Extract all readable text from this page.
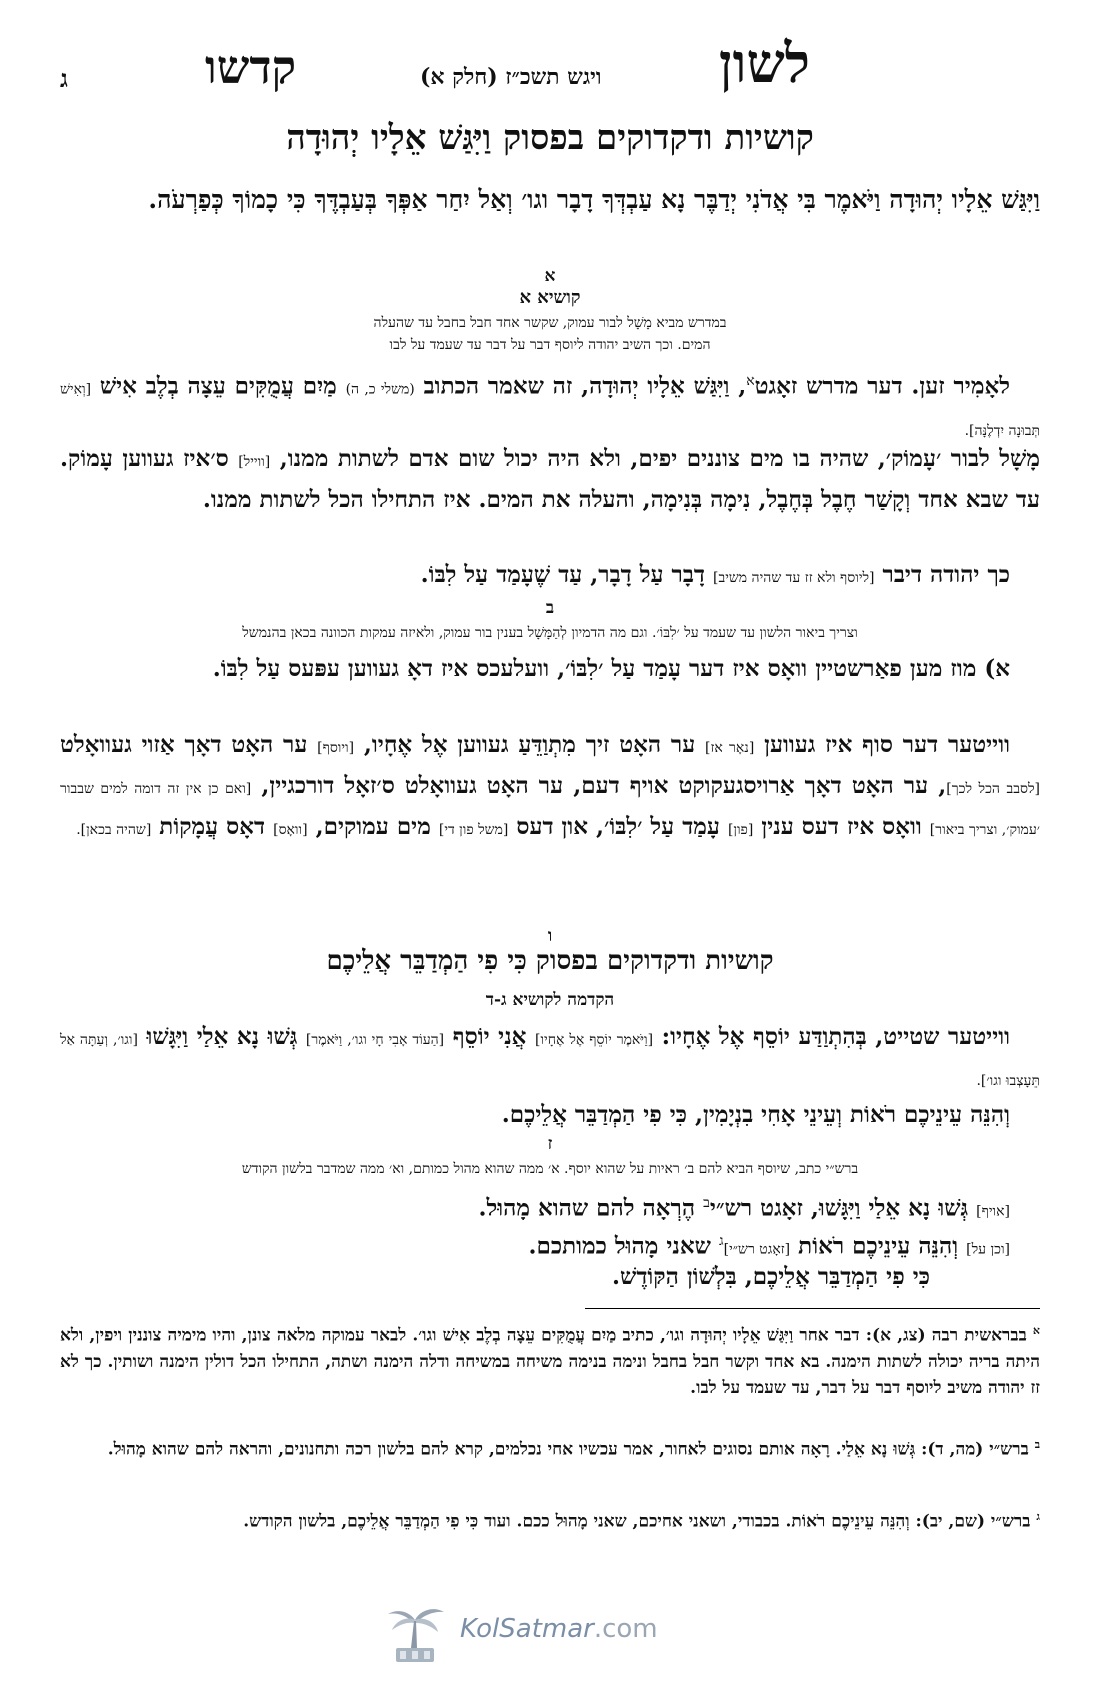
לשון
ויגש תשכ״ז (חלק א)
קדשו
ג
קושיות ודקדוקים בפסוק וַיִּגַּשׁ אֵלָיו יְהוּדָה
וַיִּגַּשׁ אֵלָיו יְהוּדָה וַיֹּאמֶר בִּי אֲדֹנִי יְדַבֶּר נָא עַבְדְּךָ דָבָר וגו׳ וְאַל יִחַר אַפְּךָ בְּעַבְדֶּךָ כִּי כָמוֹךָ כְּפַרְעֹה.
א
קושיא א
במדרש מביא מָשָׁל לבור עמוק, שקשר אחד חבל בחבל עד שהעלה
המים. וכך השיב יהודה ליוסף דבר על דבר עד שעמד על לבו
לאָמִיר זען. דער מדרש זאָגט$^א$, וַיִּגַּשׁ אֵלָיו יְהוּדָה, זה שאמר הכתוב (משלי כ, ה) מַיִם עֲמֻקִּים עֵצָה בְלֶב אִישׁ [וְאִישׁ תְּבוּנָה יִדְלֶנָּה].
מָשָׁל לבור ׳עָמוֹק׳, שהיה בו מים צוננים יפים, ולא היה יכול שום אדם לשתות ממנו, [ווייל] ס׳איז געווען עָמוֹק. עד שבא אחד וְקָשַׁר חֶבֶל בְּחֶבֶל, נִימָה בְּנִימָה, והעלה את המים. איז התחילו הכל לשתות ממנו.
כך יהודה דיבר [ליוסף ולא זז עד שהיה משיב] דָבָר עַל דָבָר, עַד שֶׁעָמַד עַל לִבּוֹ.
ב
וצריך ביאור הלשון עד שעמד על ׳לִבּוֹ׳. וגם מה הדמיון לְהַמָּשָׁל בענין בור עמוק, ולאיזה עמקות הכוונה בכאן בהנמשל
א) מוז מען פאַרשטיין וואָס איז דער עָמַד עַל ׳לִבּוֹ׳, וועלעכס איז דאָ געווען עפּעס עַל לִבּוֹ.
ווייטער דער סוף איז געווען [נאָר אז] ער האָט זיך מִתְוַדֵּעַ געווען אֶל אֶחָיו, [ויוסף] ער האָט דאָך אַזוי געוואָלט [לסבב הכל לכך], ער האָט דאָך אַרויסגעקוקט אויף דעם, ער האָט געוואָלט ס׳זאָל דורכגיין, [ואם כן אין זה דומה למים שבבור ׳עמוק׳, וצריך ביאור] וואָס איז דעס ענין [פון] עָמַד עַל ׳לִבּוֹ׳, און דעס [משל פון די] מים עמוקים, [וואָס] דאָס עֲמָקוֹת [שהיה בכאן].
ו
קושיות ודקדוקים בפסוק כִּי פִי הַמְדַבֵּר אֲלֵיכֶם
הקדמה לקושיא ג-ד
ווייטער שטייט, בְּהִתְוַדַּע יוֹסֵף אֶל אֶחָיו: [וַיֹּאמֶר יוֹסֵף אֶל אֶחָיו] אֲנִי יוֹסֵף [הַעוֹד אָבִי חָי וגו׳, וַיֹּאמֶר] גְּשׁוּ נָא אֵלַי וַיִּגָּשׁוּ [וגו׳, וְעַתָּה אַל תֵּעָצְבוּ וגו׳].
וְהִנֵּה עֵינֵיכֶם רֹאוֹת וְעֵינֵי אָחִי בִנְיָמִין, כִּי פִי הַמְדַבֵּר אֲלֵיכֶם.
ז
ברש״י כתב, שיוסף הביא להם ב׳ ראיות על שהוא יוסף. א׳ ממה שהוא מהול כמותם, וא׳ ממה שמדבר בלשון הקודש
[אויף] גְּשׁוּ נָא אֵלַי וַיִּגָּשׁוּ, זאָגט רש״י$^ב$ הֶרְאָה להם שהוא מָהוּל.
[וכן על] וְהִנֵּה עֵינֵיכֶם רֹאוֹת [זאָגט רש״י]$^ג$ שאני מָהוּל כמותכם.
כִּי פִי הַמְדַבֵּר אֲלֵיכֶם, בִּלְשׁוֹן הַקּוֹדֶשׁ.
$^א$ בבראשית רבה (צג, א): דבר אחר וַיִּגַּשׁ אֵלָיו יְהוּדָה וגו׳, כתיב מַיִם עֲמֻקִּים עֵצָה בְלֶב אִישׁ וגו׳. לבאר עמוקה מלאה צונן, והיו מימיה צוננין ויפין, ולא היתה בריה יכולה לשתות הימנה. בא אחד וקשר חבל בחבל ונימה בנימה משיחה במשיחה ודלה הימנה ושתה, התחילו הכל דולין הימנה ושותין. כך לא זז יהודה משיב ליוסף דבר על דבר, עד שעמד על לבו.
$^ב$ ברש״י (מה, ד): גְּשׁוּ נָא אֵלַי. רָאָה אותם נסוגים לאחור, אמר עכשיו אחי נכלמים, קרא להם בלשון רכה ותחנונים, והראה להם שהוא מָהוּל.
$^ג$ ברש״י (שם, יב): וְהִנֵּה עֵינֵיכֶם רֹאוֹת. בכבודי, ושאני אחיכם, שאני מָהוּל ככם. ועוד כִּי פִי הַמְדַבֵּר אֲלֵיכֶם, בלשון הקודש.
KolSatmar.com
